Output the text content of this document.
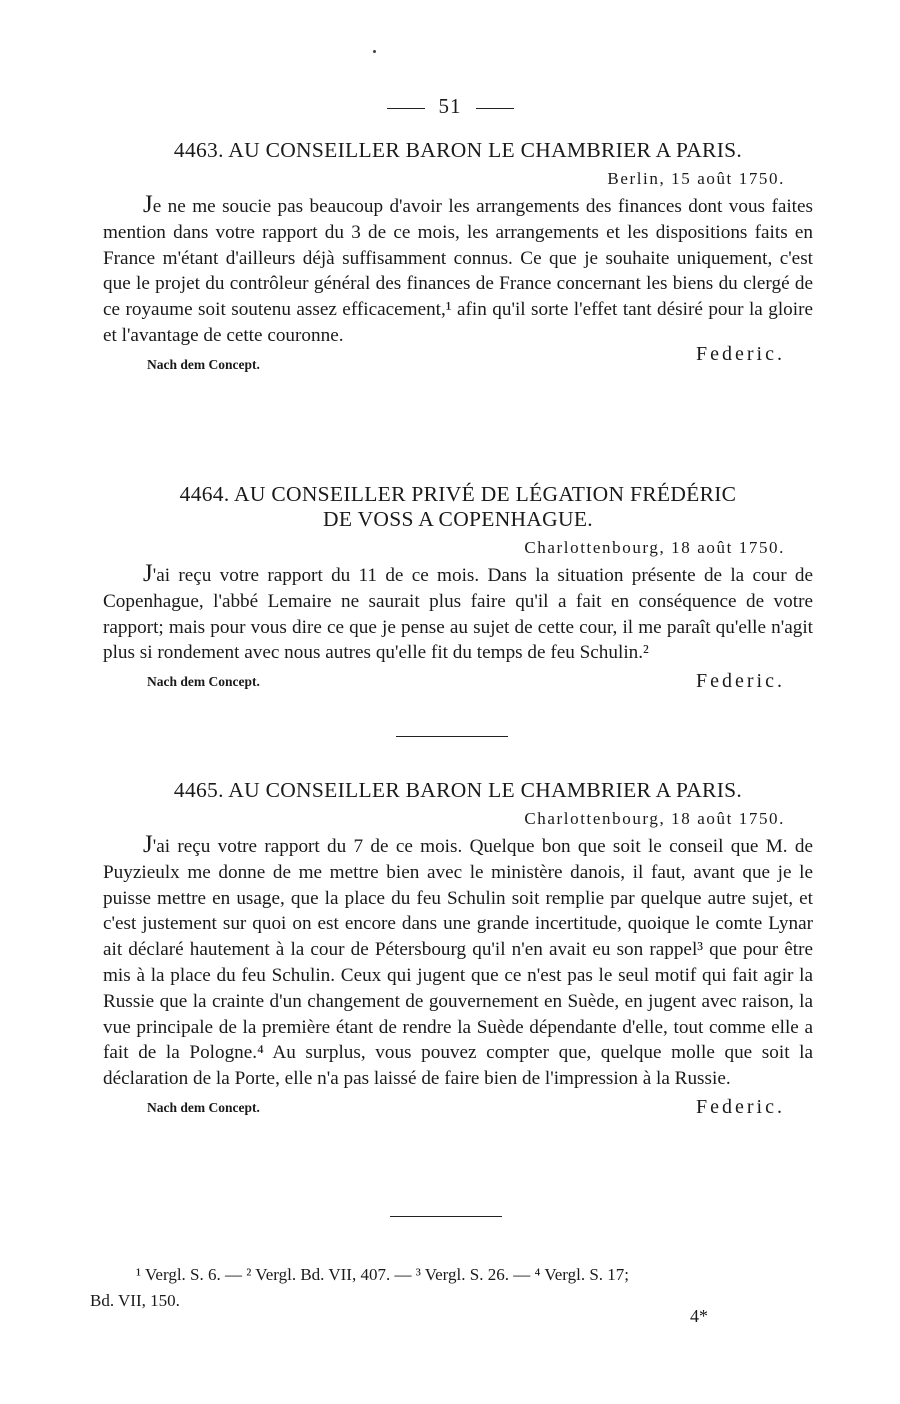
51
4463. AU CONSEILLER BARON LE CHAMBRIER A PARIS.
Berlin, 15 août 1750.
Je ne me soucie pas beaucoup d'avoir les arrangements des finances dont vous faites mention dans votre rapport du 3 de ce mois, les arrangements et les dispositions faits en France m'étant d'ailleurs déjà suffisamment connus. Ce que je souhaite uniquement, c'est que le projet du contrôleur général des finances de France concernant les biens du clergé de ce royaume soit soutenu assez efficacement,¹ afin qu'il sorte l'effet tant désiré pour la gloire et l'avantage de cette couronne.
Federic.
Nach dem Concept.
4464. AU CONSEILLER PRIVÉ DE LÉGATION FRÉDÉRIC
DE VOSS A COPENHAGUE.
Charlottenbourg, 18 août 1750.
J'ai reçu votre rapport du 11 de ce mois. Dans la situation présente de la cour de Copenhague, l'abbé Lemaire ne saurait plus faire qu'il a fait en conséquence de votre rapport; mais pour vous dire ce que je pense au sujet de cette cour, il me paraît qu'elle n'agit plus si rondement avec nous autres qu'elle fit du temps de feu Schulin.²
Nach dem Concept.	Federic.
4465. AU CONSEILLER BARON LE CHAMBRIER A PARIS.
Charlottenbourg, 18 août 1750.
J'ai reçu votre rapport du 7 de ce mois. Quelque bon que soit le conseil que M. de Puyzieulx me donne de me mettre bien avec le ministère danois, il faut, avant que je le puisse mettre en usage, que la place du feu Schulin soit remplie par quelque autre sujet, et c'est justement sur quoi on est encore dans une grande incertitude, quoique le comte Lynar ait déclaré hautement à la cour de Pétersbourg qu'il n'en avait eu son rappel³ que pour être mis à la place du feu Schulin. Ceux qui jugent que ce n'est pas le seul motif qui fait agir la Russie que la crainte d'un changement de gouvernement en Suède, en jugent avec raison, la vue principale de la première étant de rendre la Suède dépendante d'elle, tout comme elle a fait de la Pologne.⁴ Au surplus, vous pouvez compter que, quelque molle que soit la déclaration de la Porte, elle n'a pas laissé de faire bien de l'impression à la Russie.
Nach dem Concept.	Federic.
¹ Vergl. S. 6. — ² Vergl. Bd. VII, 407. — ³ Vergl. S. 26. — ⁴ Vergl. S. 17;
Bd. VII, 150.
4*
